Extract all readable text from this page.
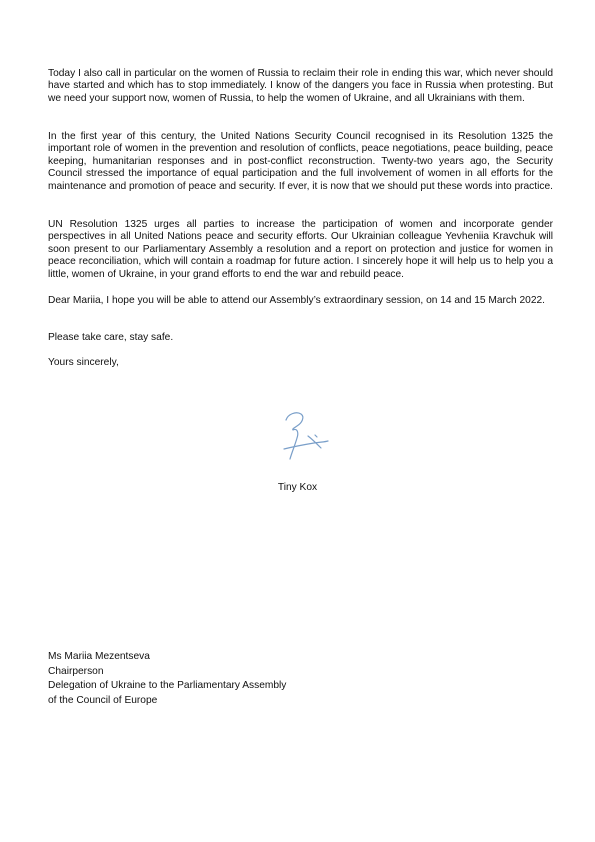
Today I also call in particular on the women of Russia to reclaim their role in ending this war, which never should have started and which has to stop immediately. I know of the dangers you face in Russia when protesting. But we need your support now, women of Russia, to help the women of Ukraine, and all Ukrainians with them.

In the first year of this century, the United Nations Security Council recognised in its Resolution 1325 the important role of women in the prevention and resolution of conflicts, peace negotiations, peace building, peace keeping, humanitarian responses and in post-conflict reconstruction. Twenty-two years ago, the Security Council stressed the importance of equal participation and the full involvement of women in all efforts for the maintenance and promotion of peace and security. If ever, it is now that we should put these words into practice.

UN Resolution 1325 urges all parties to increase the participation of women and incorporate gender perspectives in all United Nations peace and security efforts. Our Ukrainian colleague Yevheniia Kravchuk will soon present to our Parliamentary Assembly a resolution and a report on protection and justice for women in peace reconciliation, which will contain a roadmap for future action. I sincerely hope it will help us to help you a little, women of Ukraine, in your grand efforts to end the war and rebuild peace.

Dear Mariia, I hope you will be able to attend our Assembly’s extraordinary session, on 14 and 15 March 2022.

Please take care, stay safe.

Yours sincerely,

Tiny Kox

Ms Mariia Mezentseva
Chairperson
Delegation of Ukraine to the Parliamentary Assembly
of the Council of Europe
